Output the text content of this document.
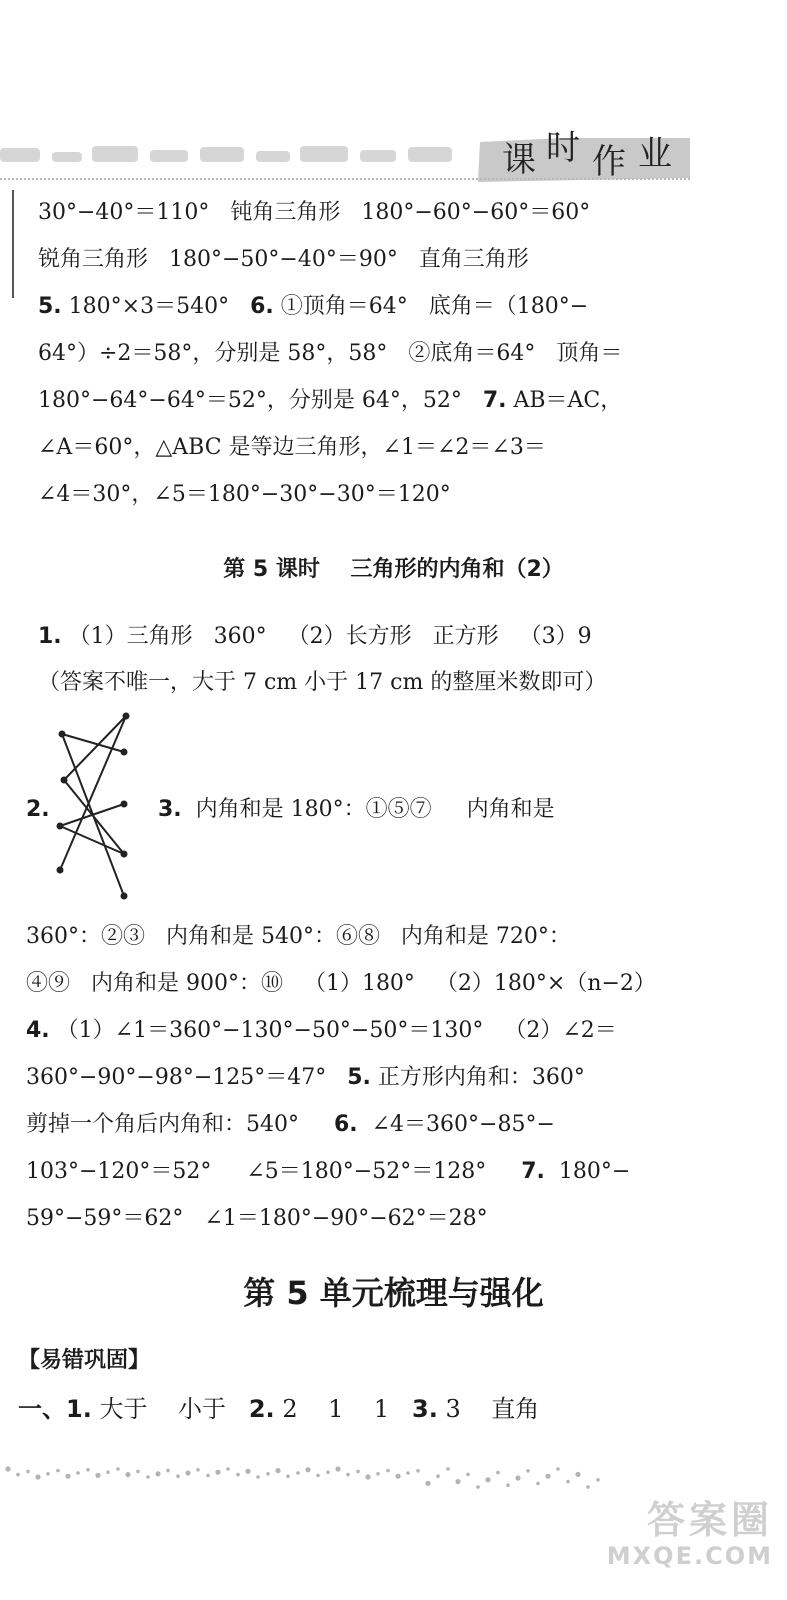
课 时 作 业
30°−40°＝110°   钝角三角形   180°−60°−60°＝60°
锐角三角形   180°−50°−40°＝90°   直角三角形
5. 180°×3＝540°   6. ①顶角＝64°   底角＝（180°−
64°）÷2＝58°，分别是 58°，58°   ②底角＝64°   顶角＝
180°−64°−64°＝52°，分别是 64°，52°   7. AB＝AC，
∠A＝60°，△ABC 是等边三角形，∠1＝∠2＝∠3＝
∠4＝30°，∠5＝180°−30°−30°＝120°
第 5 课时    三角形的内角和（2）
1. （1）三角形   360°   （2）长方形   正方形   （3）9
（答案不唯一，大于 7 cm 小于 17 cm 的整厘米数即可）
2.	3.  内角和是 180°：①⑤⑦     内角和是
360°：②③   内角和是 540°：⑥⑧   内角和是 720°：
④⑨   内角和是 900°：⑩   （1）180°   （2）180°×（n−2）
4. （1）∠1＝360°−130°−50°−50°＝130°   （2）∠2＝
360°−90°−98°−125°＝47°   5. 正方形内角和：360°
剪掉一个角后内角和：540°     6.  ∠4＝360°−85°−
103°−120°＝52°     ∠5＝180°−52°＝128°     7.  180°−
59°−59°＝62°   ∠1＝180°−90°−62°＝28°
第 5 单元梳理与强化
【易错巩固】
一、1. 大于    小于   2. 2    1    1   3. 3    直角
答案圈
MXQE.COM
